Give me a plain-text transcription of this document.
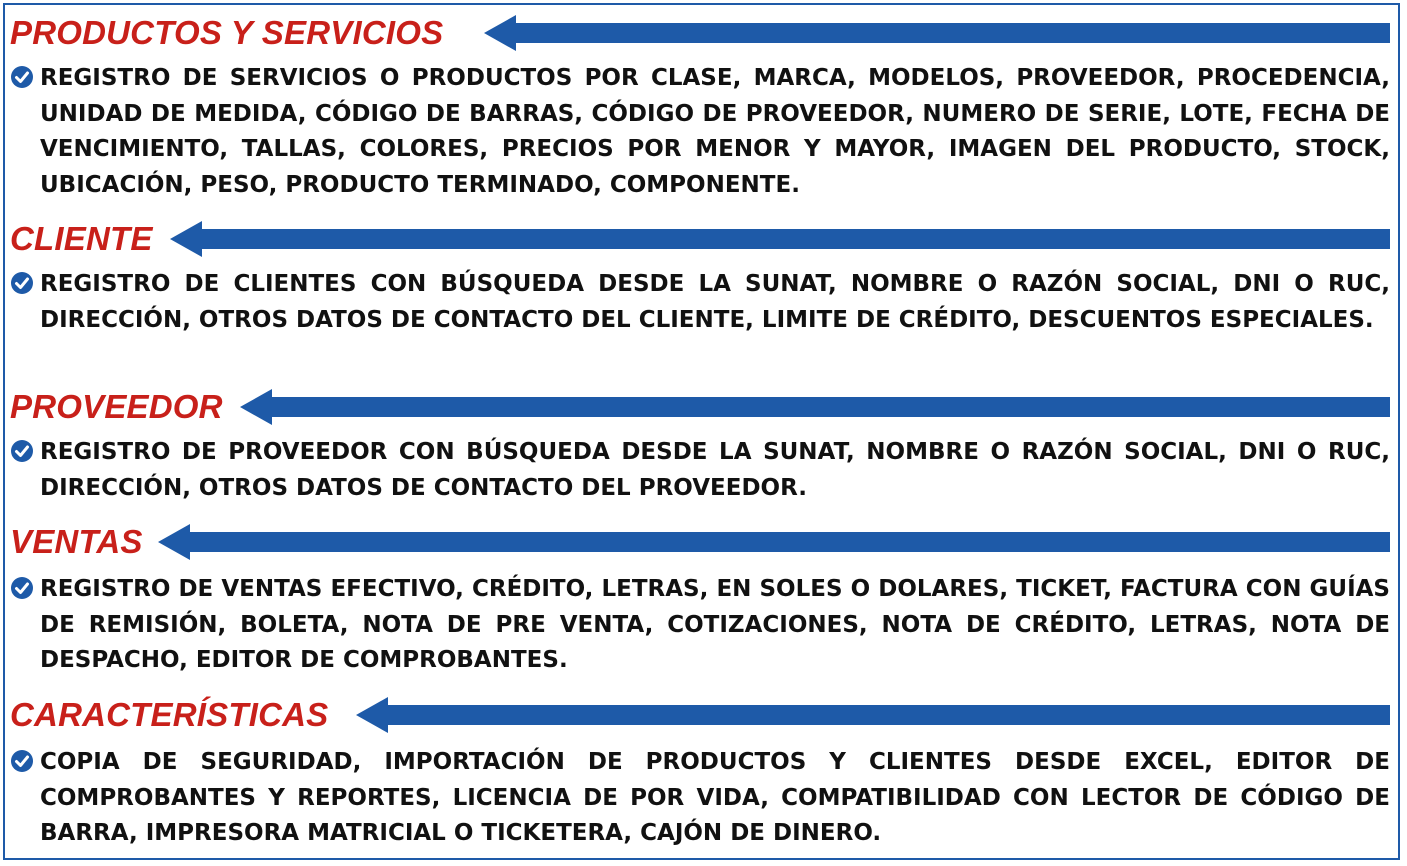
PRODUCTOS Y SERVICIOS
REGISTRO DE SERVICIOS O PRODUCTOS POR CLASE, MARCA, MODELOS, PROVEEDOR, PROCEDENCIA, UNIDAD DE MEDIDA, CÓDIGO DE BARRAS, CÓDIGO DE PROVEEDOR, NUMERO DE SERIE, LOTE, FECHA DE VENCIMIENTO, TALLAS, COLORES, PRECIOS POR MENOR Y MAYOR, IMAGEN DEL PRODUCTO, STOCK, UBICACIÓN, PESO, PRODUCTO TERMINADO, COMPONENTE.
CLIENTE
REGISTRO DE CLIENTES CON BÚSQUEDA DESDE LA SUNAT, NOMBRE O RAZÓN SOCIAL, DNI O RUC, DIRECCIÓN, OTROS DATOS DE CONTACTO DEL CLIENTE, LIMITE DE CRÉDITO, DESCUENTOS ESPECIALES.
PROVEEDOR
REGISTRO DE PROVEEDOR CON BÚSQUEDA DESDE LA SUNAT, NOMBRE O RAZÓN SOCIAL, DNI O RUC, DIRECCIÓN, OTROS DATOS DE CONTACTO DEL PROVEEDOR.
VENTAS
REGISTRO DE VENTAS EFECTIVO, CRÉDITO, LETRAS, EN SOLES O DOLARES, TICKET, FACTURA CON GUÍAS DE REMISIÓN, BOLETA, NOTA DE PRE VENTA, COTIZACIONES, NOTA DE CRÉDITO, LETRAS, NOTA DE DESPACHO, EDITOR DE COMPROBANTES.
CARACTERÍSTICAS
COPIA DE SEGURIDAD, IMPORTACIÓN DE PRODUCTOS Y CLIENTES DESDE EXCEL, EDITOR DE COMPROBANTES Y REPORTES, LICENCIA DE POR VIDA, COMPATIBILIDAD CON LECTOR DE CÓDIGO DE BARRA, IMPRESORA MATRICIAL O TICKETERA, CAJÓN DE DINERO.
